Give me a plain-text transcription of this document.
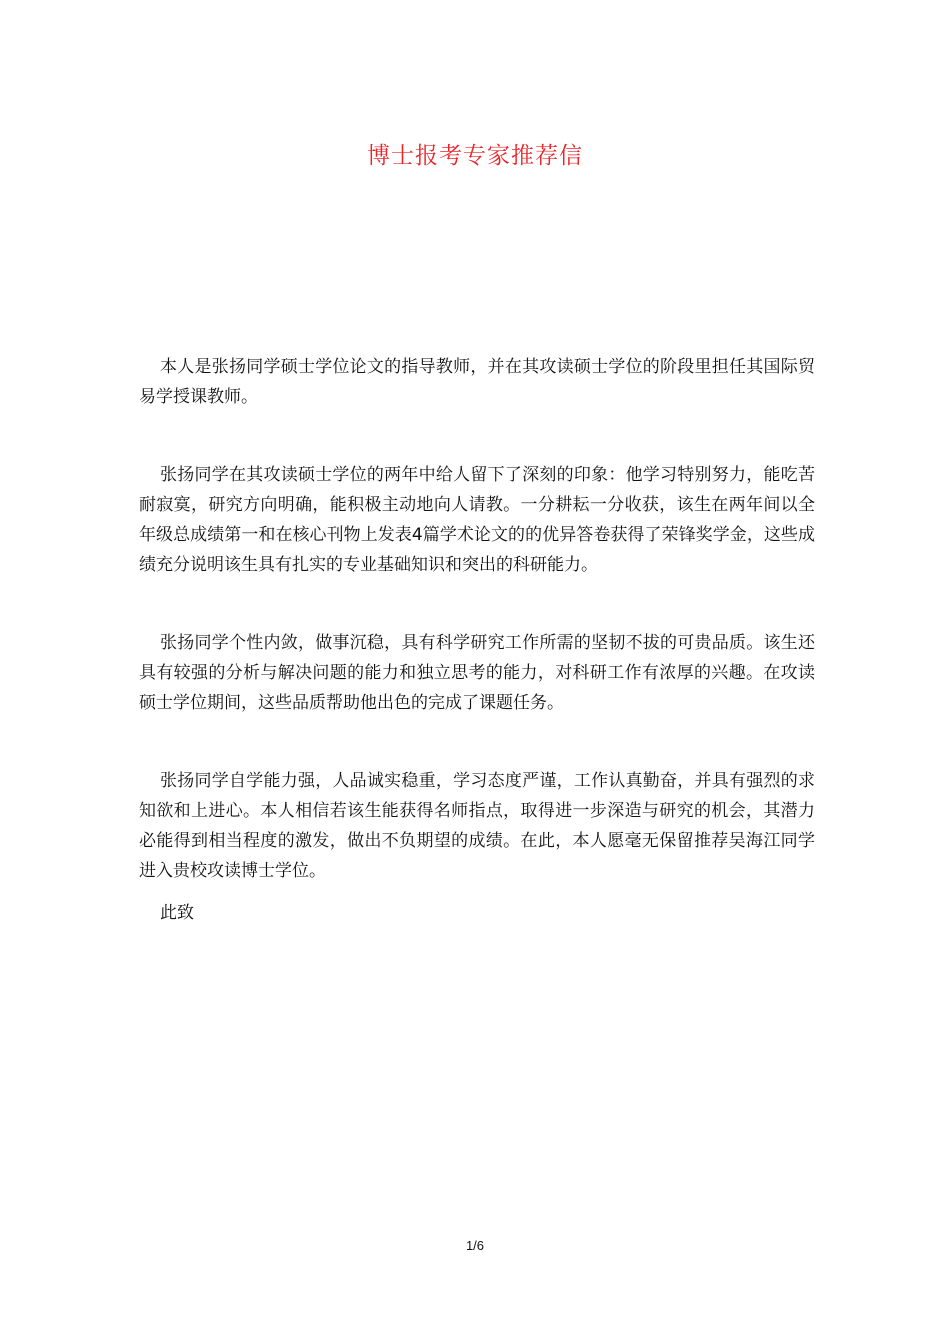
博士报考专家推荐信

本人是张扬同学硕士学位论文的指导教师，并在其攻读硕士学位的阶段里担任其国际贸易学授课教师。

张扬同学在其攻读硕士学位的两年中给人留下了深刻的印象：他学习特别努力，能吃苦耐寂寞，研究方向明确，能积极主动地向人请教。一分耕耘一分收获，该生在两年间以全年级总成绩第一和在核心刊物上发表4篇学术论文的的优异答卷获得了荣锋奖学金，这些成绩充分说明该生具有扎实的专业基础知识和突出的科研能力。

张扬同学个性内敛，做事沉稳，具有科学研究工作所需的坚韧不拔的可贵品质。该生还具有较强的分析与解决问题的能力和独立思考的能力，对科研工作有浓厚的兴趣。在攻读硕士学位期间，这些品质帮助他出色的完成了课题任务。

张扬同学自学能力强，人品诚实稳重，学习态度严谨，工作认真勤奋，并具有强烈的求知欲和上进心。本人相信若该生能获得名师指点，取得进一步深造与研究的机会，其潜力必能得到相当程度的激发，做出不负期望的成绩。在此，本人愿毫无保留推荐吴海江同学进入贵校攻读博士学位。

此致

1/6
